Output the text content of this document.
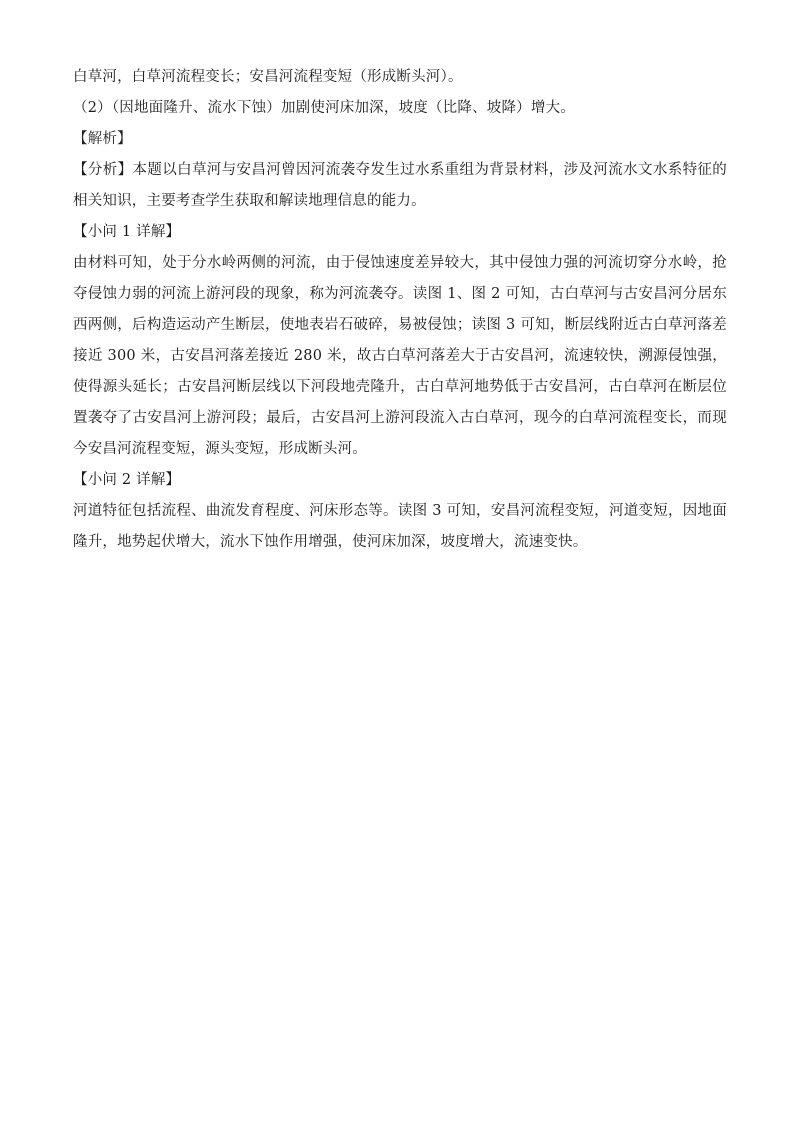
白草河，白草河流程变长；安昌河流程变短（形成断头河）。

（2）（因地面隆升、流水下蚀）加剧使河床加深，坡度（比降、坡降）增大。

【解析】

【分析】本题以白草河与安昌河曾因河流袭夺发生过水系重组为背景材料，涉及河流水文水系特征的相关知识，主要考查学生获取和解读地理信息的能力。

【小问 1 详解】

由材料可知，处于分水岭两侧的河流，由于侵蚀速度差异较大，其中侵蚀力强的河流切穿分水岭，抢夺侵蚀力弱的河流上游河段的现象，称为河流袭夺。读图 1、图 2 可知，古白草河与古安昌河分居东西两侧，后构造运动产生断层，使地表岩石破碎，易被侵蚀；读图 3 可知，断层线附近古白草河落差接近 300 米，古安昌河落差接近 280 米，故古白草河落差大于古安昌河，流速较快，溯源侵蚀强，使得源头延长；古安昌河断层线以下河段地壳隆升，古白草河地势低于古安昌河，古白草河在断层位置袭夺了古安昌河上游河段；最后，古安昌河上游河段流入古白草河，现今的白草河流程变长，而现今安昌河流程变短，源头变短，形成断头河。

【小问 2 详解】

河道特征包括流程、曲流发育程度、河床形态等。读图 3 可知，安昌河流程变短，河道变短，因地面隆升，地势起伏增大，流水下蚀作用增强，使河床加深，坡度增大，流速变快。
